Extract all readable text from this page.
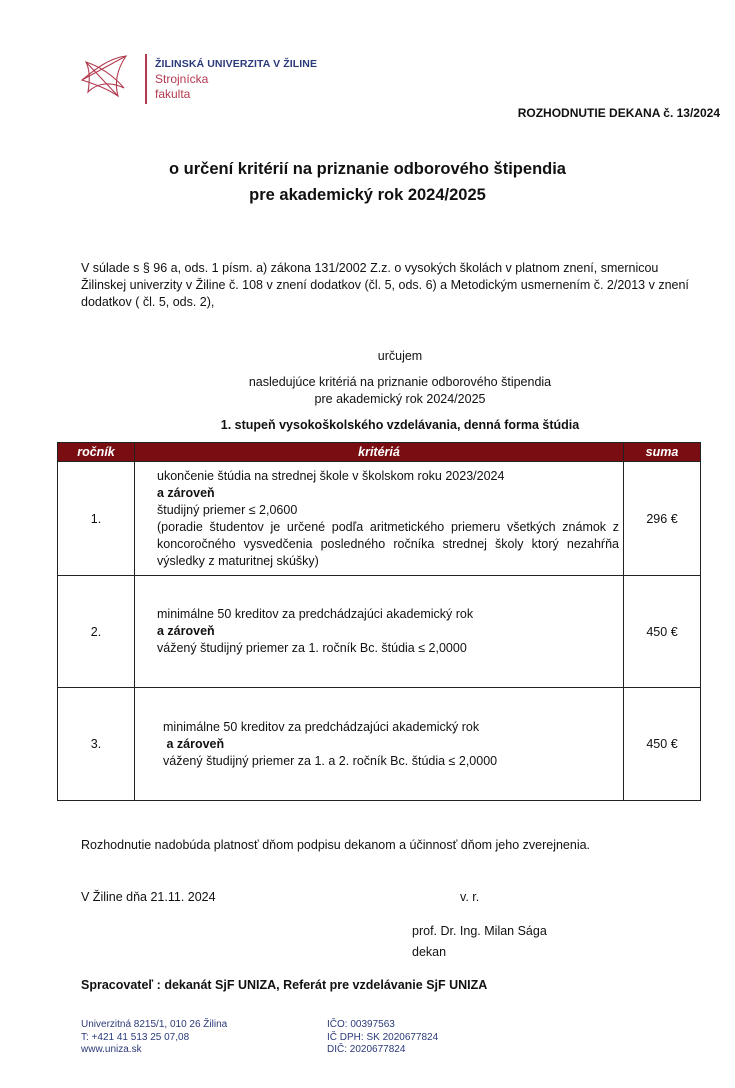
ŽILINSKÁ UNIVERZITA V ŽILINE
Strojnícka
fakulta
ROZHODNUTIE DEKANA č. 13/2024
o určení kritérií na priznanie odborového štipendia
pre akademický rok 2024/2025
V súlade s § 96 a, ods. 1 písm. a) zákona 131/2002 Z.z. o vysokých školách v platnom znení, smernicou Žilinskej univerzity v Žiline č. 108 v znení dodatkov (čl. 5, ods. 6) a Metodickým usmernením č. 2/2013 v znení dodatkov ( čl. 5, ods. 2),
určujem
nasledujúce kritériá na priznanie odborového štipendia
pre akademický rok 2024/2025
1. stupeň vysokoškolského vzdelávania, denná forma štúdia
ročník	kritériá	suma
1.	ukončenie štúdia na strednej škole v školskom roku 2023/2024
a zároveň
študijný priemer ≤ 2,0600
(poradie študentov je určené podľa aritmetického priemeru všetkých známok z koncoročného vysvedčenia posledného ročníka strednej školy ktorý nezahŕňa výsledky z maturitnej skúšky)	296 €
2.	minimálne 50 kreditov za predchádzajúci akademický rok
a zároveň
vážený študijný priemer za 1. ročník Bc. štúdia ≤ 2,0000	450 €
3.	minimálne 50 kreditov za predchádzajúci akademický rok
a zároveň
vážený študijný priemer za 1. a 2. ročník Bc. štúdia ≤ 2,0000	450 €
Rozhodnutie nadobúda platnosť dňom podpisu dekanom a účinnosť dňom jeho zverejnenia.
V Žiline dňa 21.11. 2024	v. r.
prof. Dr. Ing. Milan Sága
dekan
Spracovateľ : dekanát SjF UNIZA, Referát pre vzdelávanie SjF UNIZA
Univerzitná 8215/1, 010 26 Žilina
T: +421 41 513 25 07,08
www.uniza.sk
IČO: 00397563
IČ DPH: SK 2020677824
DIČ: 2020677824
